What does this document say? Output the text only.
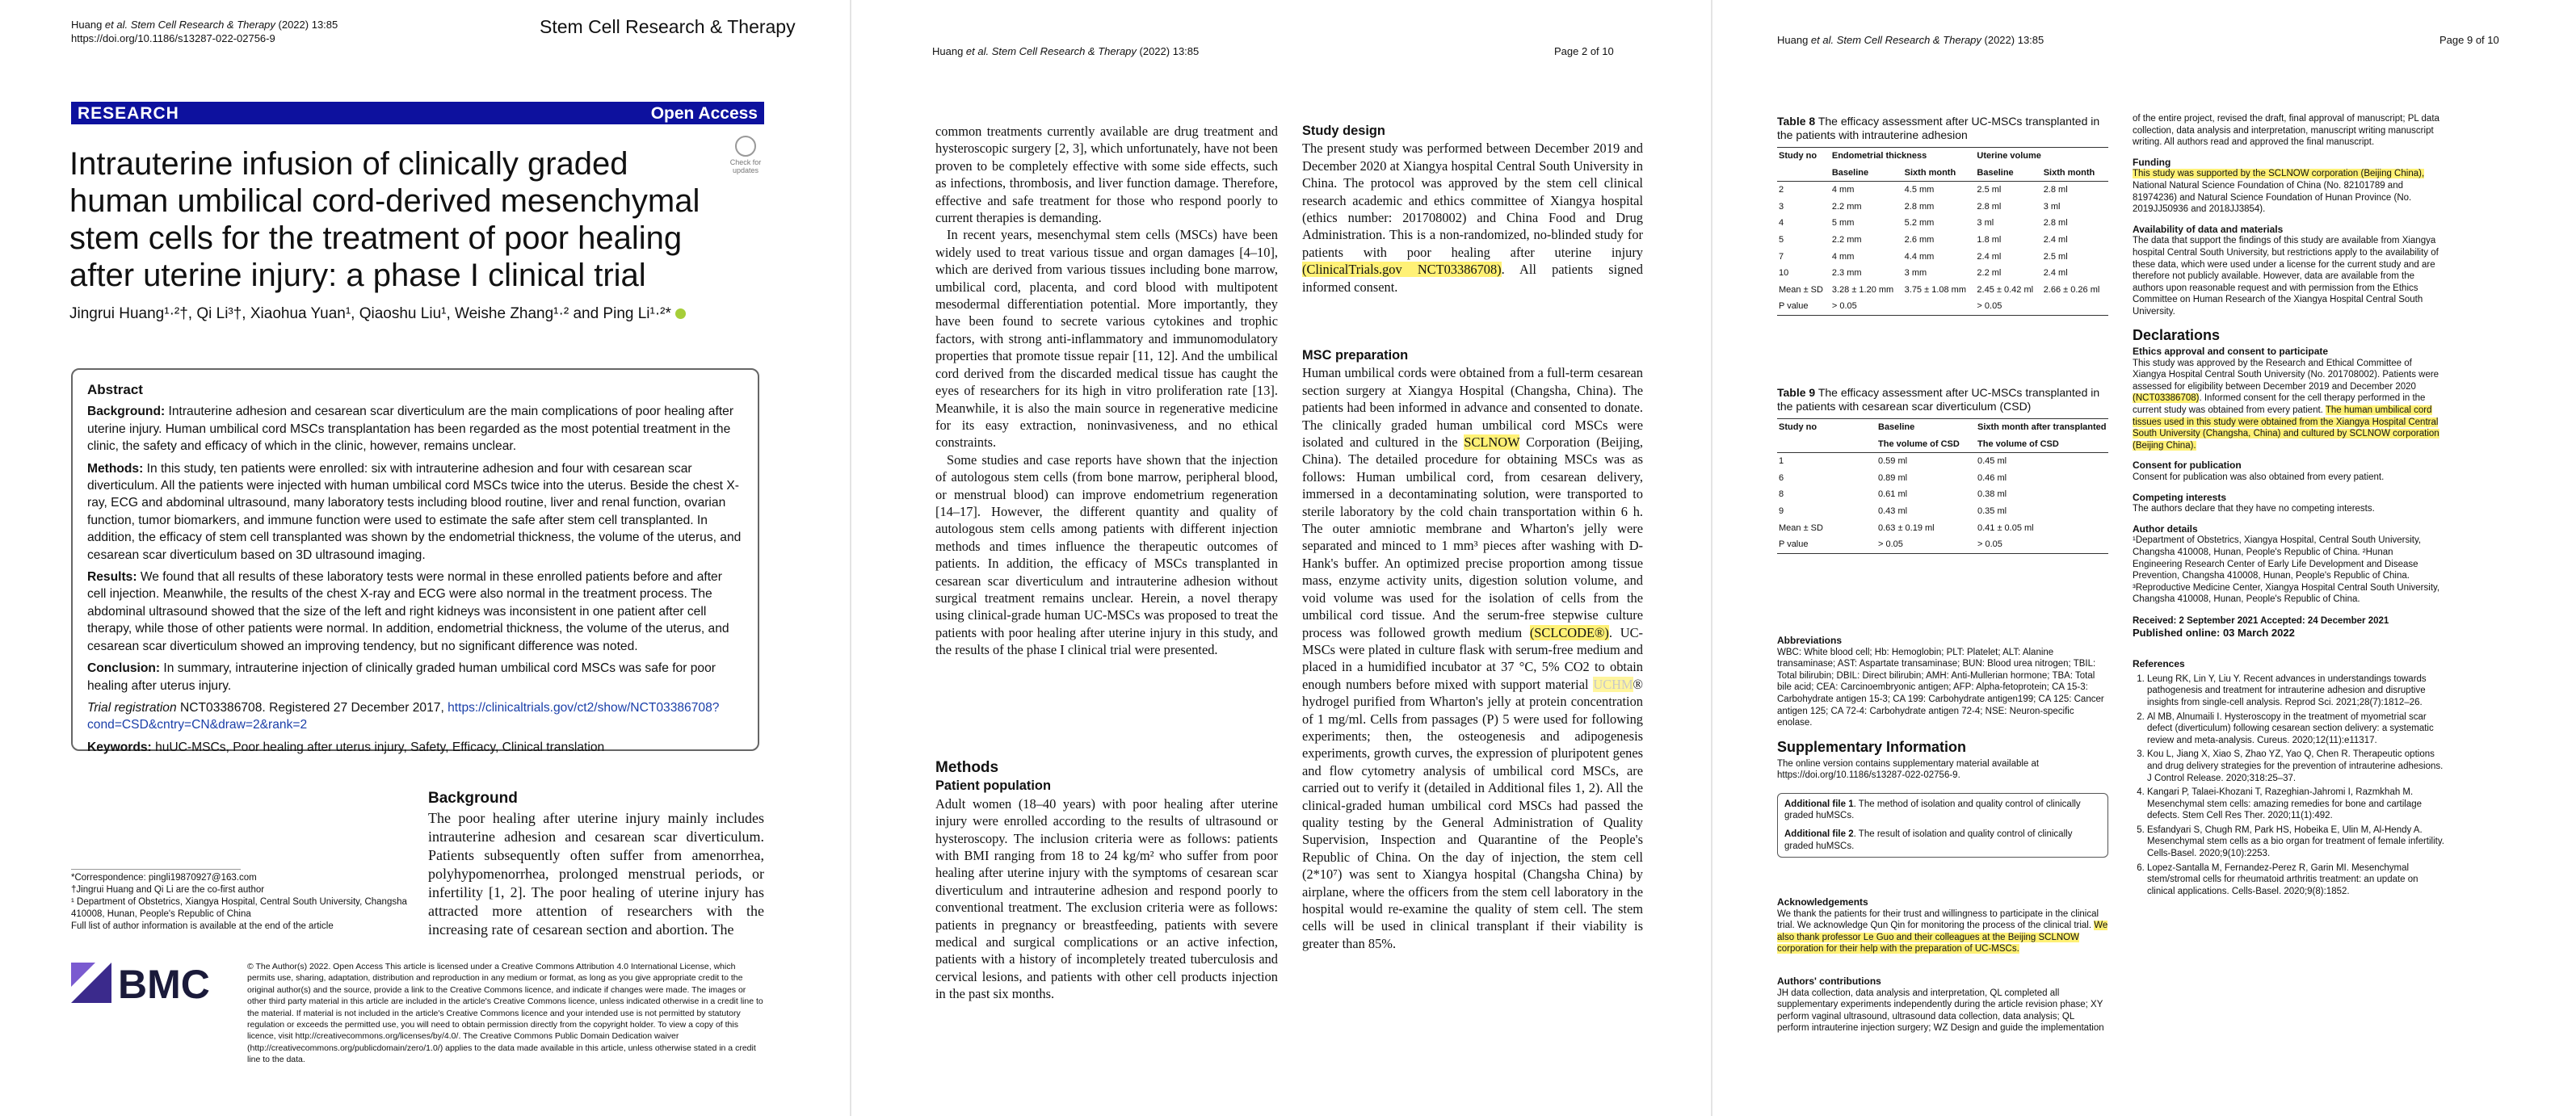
Huang et al. Stem Cell Research & Therapy (2022) 13:85
https://doi.org/10.1186/s13287-022-02756-9
Stem Cell Research & Therapy
RESEARCH	Open Access
Check for updates
Intrauterine infusion of clinically graded human umbilical cord-derived mesenchymal stem cells for the treatment of poor healing after uterine injury: a phase I clinical trial
Jingrui Huang¹·²†, Qi Li³†, Xiaohua Yuan¹, Qiaoshu Liu¹, Weishe Zhang¹·² and Ping Li¹·²*
Abstract

Background: Intrauterine adhesion and cesarean scar diverticulum are the main complications of poor healing after uterine injury. Human umbilical cord MSCs transplantation has been regarded as the most potential treatment in the clinic, the safety and efficacy of which in the clinic, however, remains unclear.

Methods: In this study, ten patients were enrolled: six with intrauterine adhesion and four with cesarean scar diverticulum. All the patients were injected with human umbilical cord MSCs twice into the uterus. Beside the chest X-ray, ECG and abdominal ultrasound, many laboratory tests including blood routine, liver and renal function, ovarian function, tumor biomarkers, and immune function were used to estimate the safe after stem cell transplanted. In addition, the efficacy of stem cell transplanted was shown by the endometrial thickness, the volume of the uterus, and cesarean scar diverticulum based on 3D ultrasound imaging.

Results: We found that all results of these laboratory tests were normal in these enrolled patients before and after cell injection. Meanwhile, the results of the chest X-ray and ECG were also normal in the treatment process. The abdominal ultrasound showed that the size of the left and right kidneys was inconsistent in one patient after cell therapy, while those of other patients were normal. In addition, endometrial thickness, the volume of the uterus, and cesarean scar diverticulum showed an improving tendency, but no significant difference was noted.

Conclusion: In summary, intrauterine injection of clinically graded human umbilical cord MSCs was safe for poor healing after uterus injury.

Trial registration NCT03386708. Registered 27 December 2017, https://clinicaltrials.gov/ct2/show/NCT03386708?cond=CSD&cntry=CN&draw=2&rank=2

Keywords: huUC-MSCs, Poor healing after uterus injury, Safety, Efficacy, Clinical translation

Background
The poor healing after uterine injury mainly includes intrauterine adhesion and cesarean scar diverticulum. Patients subsequently often suffer from amenorrhea, polyhypomenorrhea, prolonged menstrual periods, or infertility [1, 2]. The poor healing of uterine injury has attracted more attention of researchers with the increasing rate of cesarean section and abortion. The
*Correspondence: pingli19870927@163.com
†Jingrui Huang and Qi Li are the co-first author
¹ Department of Obstetrics, Xiangya Hospital, Central South University, Changsha 410008, Hunan, People's Republic of China
Full list of author information is available at the end of the article
BMC	© The Author(s) 2022. Open Access This article is licensed under a Creative Commons Attribution 4.0 International License, which permits use, sharing, adaptation, distribution and reproduction in any medium or format, as long as you give appropriate credit to the original author(s) and the source, provide a link to the Creative Commons licence, and indicate if changes were made. The images or other third party material in this article are included in the article's Creative Commons licence, unless indicated otherwise in a credit line to the material. If material is not included in the article's Creative Commons licence and your intended use is not permitted by statutory regulation or exceeds the permitted use, you will need to obtain permission directly from the copyright holder. To view a copy of this licence, visit http://creativecommons.org/licenses/by/4.0/. The Creative Commons Public Domain Dedication waiver (http://creativecommons.org/publicdomain/zero/1.0/) applies to the data made available in this article, unless otherwise stated in a credit line to the data.
Huang et al. Stem Cell Research & Therapy (2022) 13:85	Page 2 of 10

common treatments currently available are drug treatment and hysteroscopic surgery [2, 3], which unfortunately, have not been proven to be completely effective with some side effects, such as infections, thrombosis, and liver function damage. Therefore, effective and safe treatment for those who respond poorly to current therapies is demanding.

In recent years, mesenchymal stem cells (MSCs) have been widely used to treat various tissue and organ damages [4–10], which are derived from various tissues including bone marrow, umbilical cord, placenta, and cord blood with multipotent mesodermal differentiation potential. More importantly, they have been found to secrete various cytokines and trophic factors, with strong anti-inflammatory and immunomodulatory properties that promote tissue repair [11, 12]. And the umbilical cord derived from the discarded medical tissue has caught the eyes of researchers for its high in vitro proliferation rate [13]. Meanwhile, it is also the main source in regenerative medicine for its easy extraction, noninvasiveness, and no ethical constraints.

Some studies and case reports have shown that the injection of autologous stem cells (from bone marrow, peripheral blood, or menstrual blood) can improve endometrium regeneration [14–17]. However, the different quantity and quality of autologous stem cells among patients with different injection methods and times influence the therapeutic outcomes of patients. In addition, the efficacy of MSCs transplanted in cesarean scar diverticulum and intrauterine adhesion without surgical treatment remains unclear. Herein, a novel therapy using clinical-grade human UC-MSCs was proposed to treat the patients with poor healing after uterine injury in this study, and the results of the phase I clinical trial were presented.

Methods

Patient population

Adult women (18–40 years) with poor healing after uterine injury were enrolled according to the results of ultrasound or hysteroscopy. The inclusion criteria were as follows: patients with BMI ranging from 18 to 24 kg/m² who suffer from poor healing after uterine injury with the symptoms of cesarean scar diverticulum and intrauterine adhesion and respond poorly to conventional treatment. The exclusion criteria were as follows: patients in pregnancy or breastfeeding, patients with severe medical and surgical complications or an active infection, patients with a history of incompletely treated tuberculosis and cervical lesions, and patients with other cell products injection in the past six months.

Study design

The present study was performed between December 2019 and December 2020 at Xiangya hospital Central South University in China. The protocol was approved by the stem cell clinical research academic and ethics committee of Xiangya hospital (ethics number: 201708002) and China Food and Drug Administration. This is a non-randomized, no-blinded study for patients with poor healing after uterine injury (ClinicalTrials.gov NCT03386708). All patients signed informed consent.

MSC preparation

Human umbilical cords were obtained from a full-term cesarean section surgery at Xiangya Hospital (Changsha, China). The patients had been informed in advance and consented to donate. The clinically graded human umbilical cord MSCs were isolated and cultured in the SCLNOW Corporation (Beijing, China). The detailed procedure for obtaining MSCs was as follows: Human umbilical cord, from cesarean delivery, immersed in a decontaminating solution, were transported to sterile laboratory by the cold chain transportation within 6 h. The outer amniotic membrane and Wharton's jelly were separated and minced to 1 mm³ pieces after washing with D-Hank's buffer. An optimized precise proportion among tissue mass, enzyme activity units, digestion solution volume, and void volume was used for the isolation of cells from the umbilical cord tissue. And the serum-free stepwise culture process was followed growth medium (SCLCODE®). UC-MSCs were plated in culture flask with serum-free medium and placed in a humidified incubator at 37 °C, 5% CO2 to obtain enough numbers before mixed with support material UCHM® hydrogel purified from Wharton's jelly at protein concentration of 1 mg/ml. Cells from passages (P) 5 were used for following experiments; then, the osteogenesis and adipogenesis experiments, growth curves, the expression of pluripotent genes and flow cytometry analysis of umbilical cord MSCs, are carried out to verify it (detailed in Additional files 1, 2). All the clinical-graded human umbilical cord MSCs had passed the quality testing by the General Administration of Quality Supervision, Inspection and Quarantine of the People's Republic of China. On the day of injection, the stem cell (2*10⁷) was sent to Xiangya hospital (Changsha China) by airplane, where the officers from the stem cell laboratory in the hospital would re-examine the quality of stem cell. The stem cells will be used in clinical transplant if their viability is greater than 85%.

Huang et al. Stem Cell Research & Therapy (2022) 13:85	Page 9 of 10
Table 8 The efficacy assessment after UC-MSCs transplanted in the patients with intrauterine adhesion
Study no	Endometrial thickness		Uterine volume	
	Baseline	Sixth month	Baseline	Sixth month
2	4 mm	4.5 mm	2.5 ml	2.8 ml
3	2.2 mm	2.8 mm	2.8 ml	3 ml
4	5 mm	5.2 mm	3 ml	2.8 ml
5	2.2 mm	2.6 mm	1.8 ml	2.4 ml
7	4 mm	4.4 mm	2.4 ml	2.5 ml
10	2.3 mm	3 mm	2.2 ml	2.4 ml
Mean ± SD	3.28 ± 1.20 mm	3.75 ± 1.08 mm	2.45 ± 0.42 ml	2.66 ± 0.26 ml
P value	> 0.05		> 0.05	
Table 9 The efficacy assessment after UC-MSCs transplanted in the patients with cesarean scar diverticulum (CSD)
Study no	Baseline	Sixth month after transplanted
	The volume of CSD	The volume of CSD
1	0.59 ml	0.45 ml
6	0.89 ml	0.46 ml
8	0.61 ml	0.38 ml
9	0.43 ml	0.35 ml
Mean ± SD	0.63 ± 0.19 ml	0.41 ± 0.05 ml
P value	> 0.05	> 0.05
Abbreviations
WBC: White blood cell; Hb: Hemoglobin; PLT: Platelet; ALT: Alanine transaminase; AST: Aspartate transaminase; BUN: Blood urea nitrogen; TBIL: Total bilirubin; DBIL: Direct bilirubin; AMH: Anti-Mullerian hormone; TBA: Total bile acid; CEA: Carcinoembryonic antigen; AFP: Alpha-fetoprotein; CA 15-3: Carbohydrate antigen 15-3; CA 199: Carbohydrate antigen199; CA 125: Cancer antigen 125; CA 72-4: Carbohydrate antigen 72-4; NSE: Neuron-specific enolase.
Supplementary Information
The online version contains supplementary material available at https://doi.org/10.1186/s13287-022-02756-9.
Additional file 1. The method of isolation and quality control of clinically graded huMSCs.
Additional file 2. The result of isolation and quality control of clinically graded huMSCs.
Acknowledgements
We thank the patients for their trust and willingness to participate in the clinical trial. We acknowledge Qun Qin for monitoring the process of the clinical trial. We also thank professor Le Guo and their colleagues at the Beijing SCLNOW corporation for their help with the preparation of UC-MSCs.
Authors' contributions
JH data collection, data analysis and interpretation, QL completed all supplementary experiments independently during the article revision phase; XY perform vaginal ultrasound, ultrasound data collection, data analysis; QL perform intrauterine injection surgery; WZ Design and guide the implementation
of the entire project, revised the draft, final approval of manuscript; PL data collection, data analysis and interpretation, manuscript writing manuscript writing. All authors read and approved the final manuscript.
Funding
This study was supported by the SCLNOW corporation (Beijing China), National Natural Science Foundation of China (No. 82101789 and 81974236) and Natural Science Foundation of Hunan Province (No. 2019JJ50936 and 2018JJ3854).
Availability of data and materials
The data that support the findings of this study are available from Xiangya hospital Central South University, but restrictions apply to the availability of these data, which were used under a license for the current study and are therefore not publicly available. However, data are available from the authors upon reasonable request and with permission from the Ethics Committee on Human Research of the Xiangya Hospital Central South University.
Declarations
Ethics approval and consent to participate
This study was approved by the Research and Ethical Committee of Xiangya Hospital Central South University (No. 201708002). Patients were assessed for eligibility between December 2019 and December 2020 (NCT03386708). Informed consent for the cell therapy performed in the current study was obtained from every patient. The human umbilical cord tissues used in this study were obtained from the Xiangya Hospital Central South University (Changsha, China) and cultured by SCLNOW corporation (Beijing China).
Consent for publication
Consent for publication was also obtained from every patient.
Competing interests
The authors declare that they have no competing interests.
Author details
¹Department of Obstetrics, Xiangya Hospital, Central South University, Changsha 410008, Hunan, People's Republic of China. ²Hunan Engineering Research Center of Early Life Development and Disease Prevention, Changsha 410008, Hunan, People's Republic of China. ³Reproductive Medicine Center, Xiangya Hospital Central South University, Changsha 410008, Hunan, People's Republic of China.
Received: 2 September 2021 Accepted: 24 December 2021
Published online: 03 March 2022
References
1. Leung RK, Lin Y, Liu Y. Recent advances in understandings towards pathogenesis and treatment for intrauterine adhesion and disruptive insights from single-cell analysis. Reprod Sci. 2021;28(7):1812–26.
2. Al MB, Alnumaili I. Hysteroscopy in the treatment of myometrial scar defect (diverticulum) following cesarean section delivery: a systematic review and meta-analysis. Cureus. 2020;12(11):e11317.
3. Kou L, Jiang X, Xiao S, Zhao YZ, Yao Q, Chen R. Therapeutic options and drug delivery strategies for the prevention of intrauterine adhesions. J Control Release. 2020;318:25–37.
4. Kangari P, Talaei-Khozani T, Razeghian-Jahromi I, Razmkhah M. Mesenchymal stem cells: amazing remedies for bone and cartilage defects. Stem Cell Res Ther. 2020;11(1):492.
5. Esfandyari S, Chugh RM, Park HS, Hobeika E, Ulin M, Al-Hendy A. Mesenchymal stem cells as a bio organ for treatment of female infertility. Cells-Basel. 2020;9(10):2253.
6. Lopez-Santalla M, Fernandez-Perez R, Garin MI. Mesenchymal stem/stromal cells for rheumatoid arthritis treatment: an update on clinical applications. Cells-Basel. 2020;9(8):1852.
